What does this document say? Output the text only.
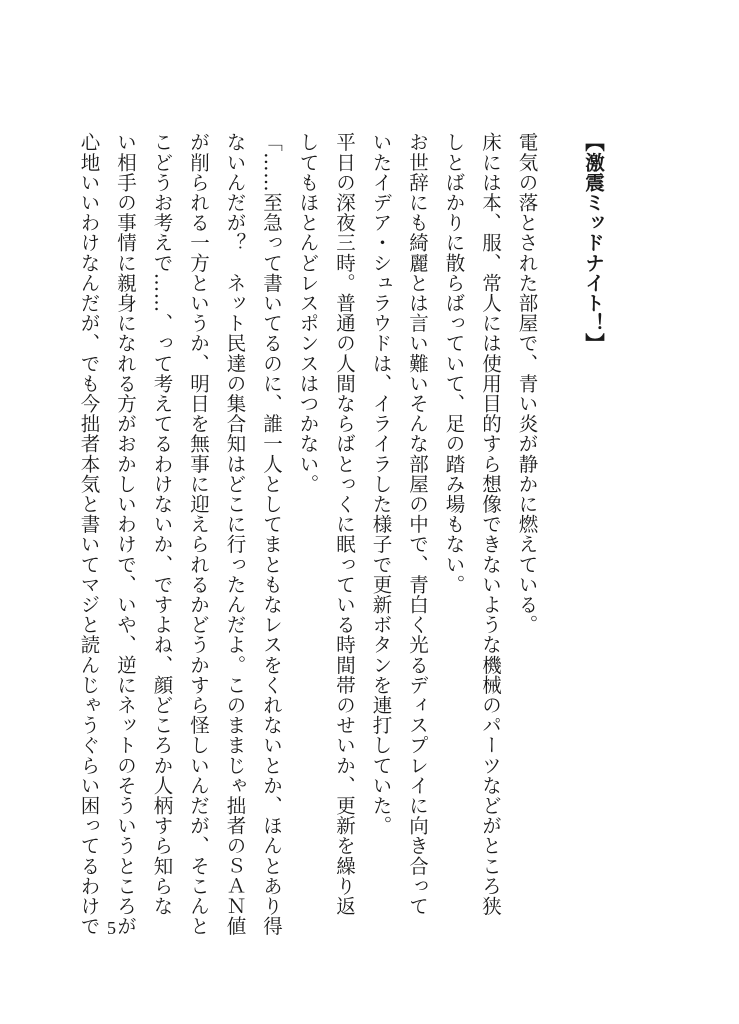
【激震ミッドナイト！】
電気の落とされた部屋で、青い炎が静かに燃えている。
床には本、服、常人には使用目的すら想像できないような機械のパーツなどがところ狭
しとばかりに散らばっていて、足の踏み場もない。
お世辞にも綺麗とは言い難いそんな部屋の中で、青白く光るディスプレイに向き合って
いたイデア・シュラウドは、イライラした様子で更新ボタンを連打していた。
平日の深夜三時。普通の人間ならばとっくに眠っている時間帯のせいか、更新を繰り返
してもほとんどレスポンスはつかない。
「……至急って書いてるのに、誰一人としてまともなレスをくれないとか、ほんとあり得
ないんだが？　ネット民達の集合知はどこに行ったんだよ。このままじゃ拙者のＳＡＮ値
が削られる一方というか、明日を無事に迎えられるかどうかすら怪しいんだが、そこんと
こどうお考えで……、って考えてるわけないか、ですよね、顔どころか人柄すら知らな
い相手の事情に親身になれる方がおかしいわけで、いや、逆にネットのそういうところが
心地いいわけなんだが、でも今拙者本気と書いてマジと読んじゃうぐらい困ってるわけで 5
